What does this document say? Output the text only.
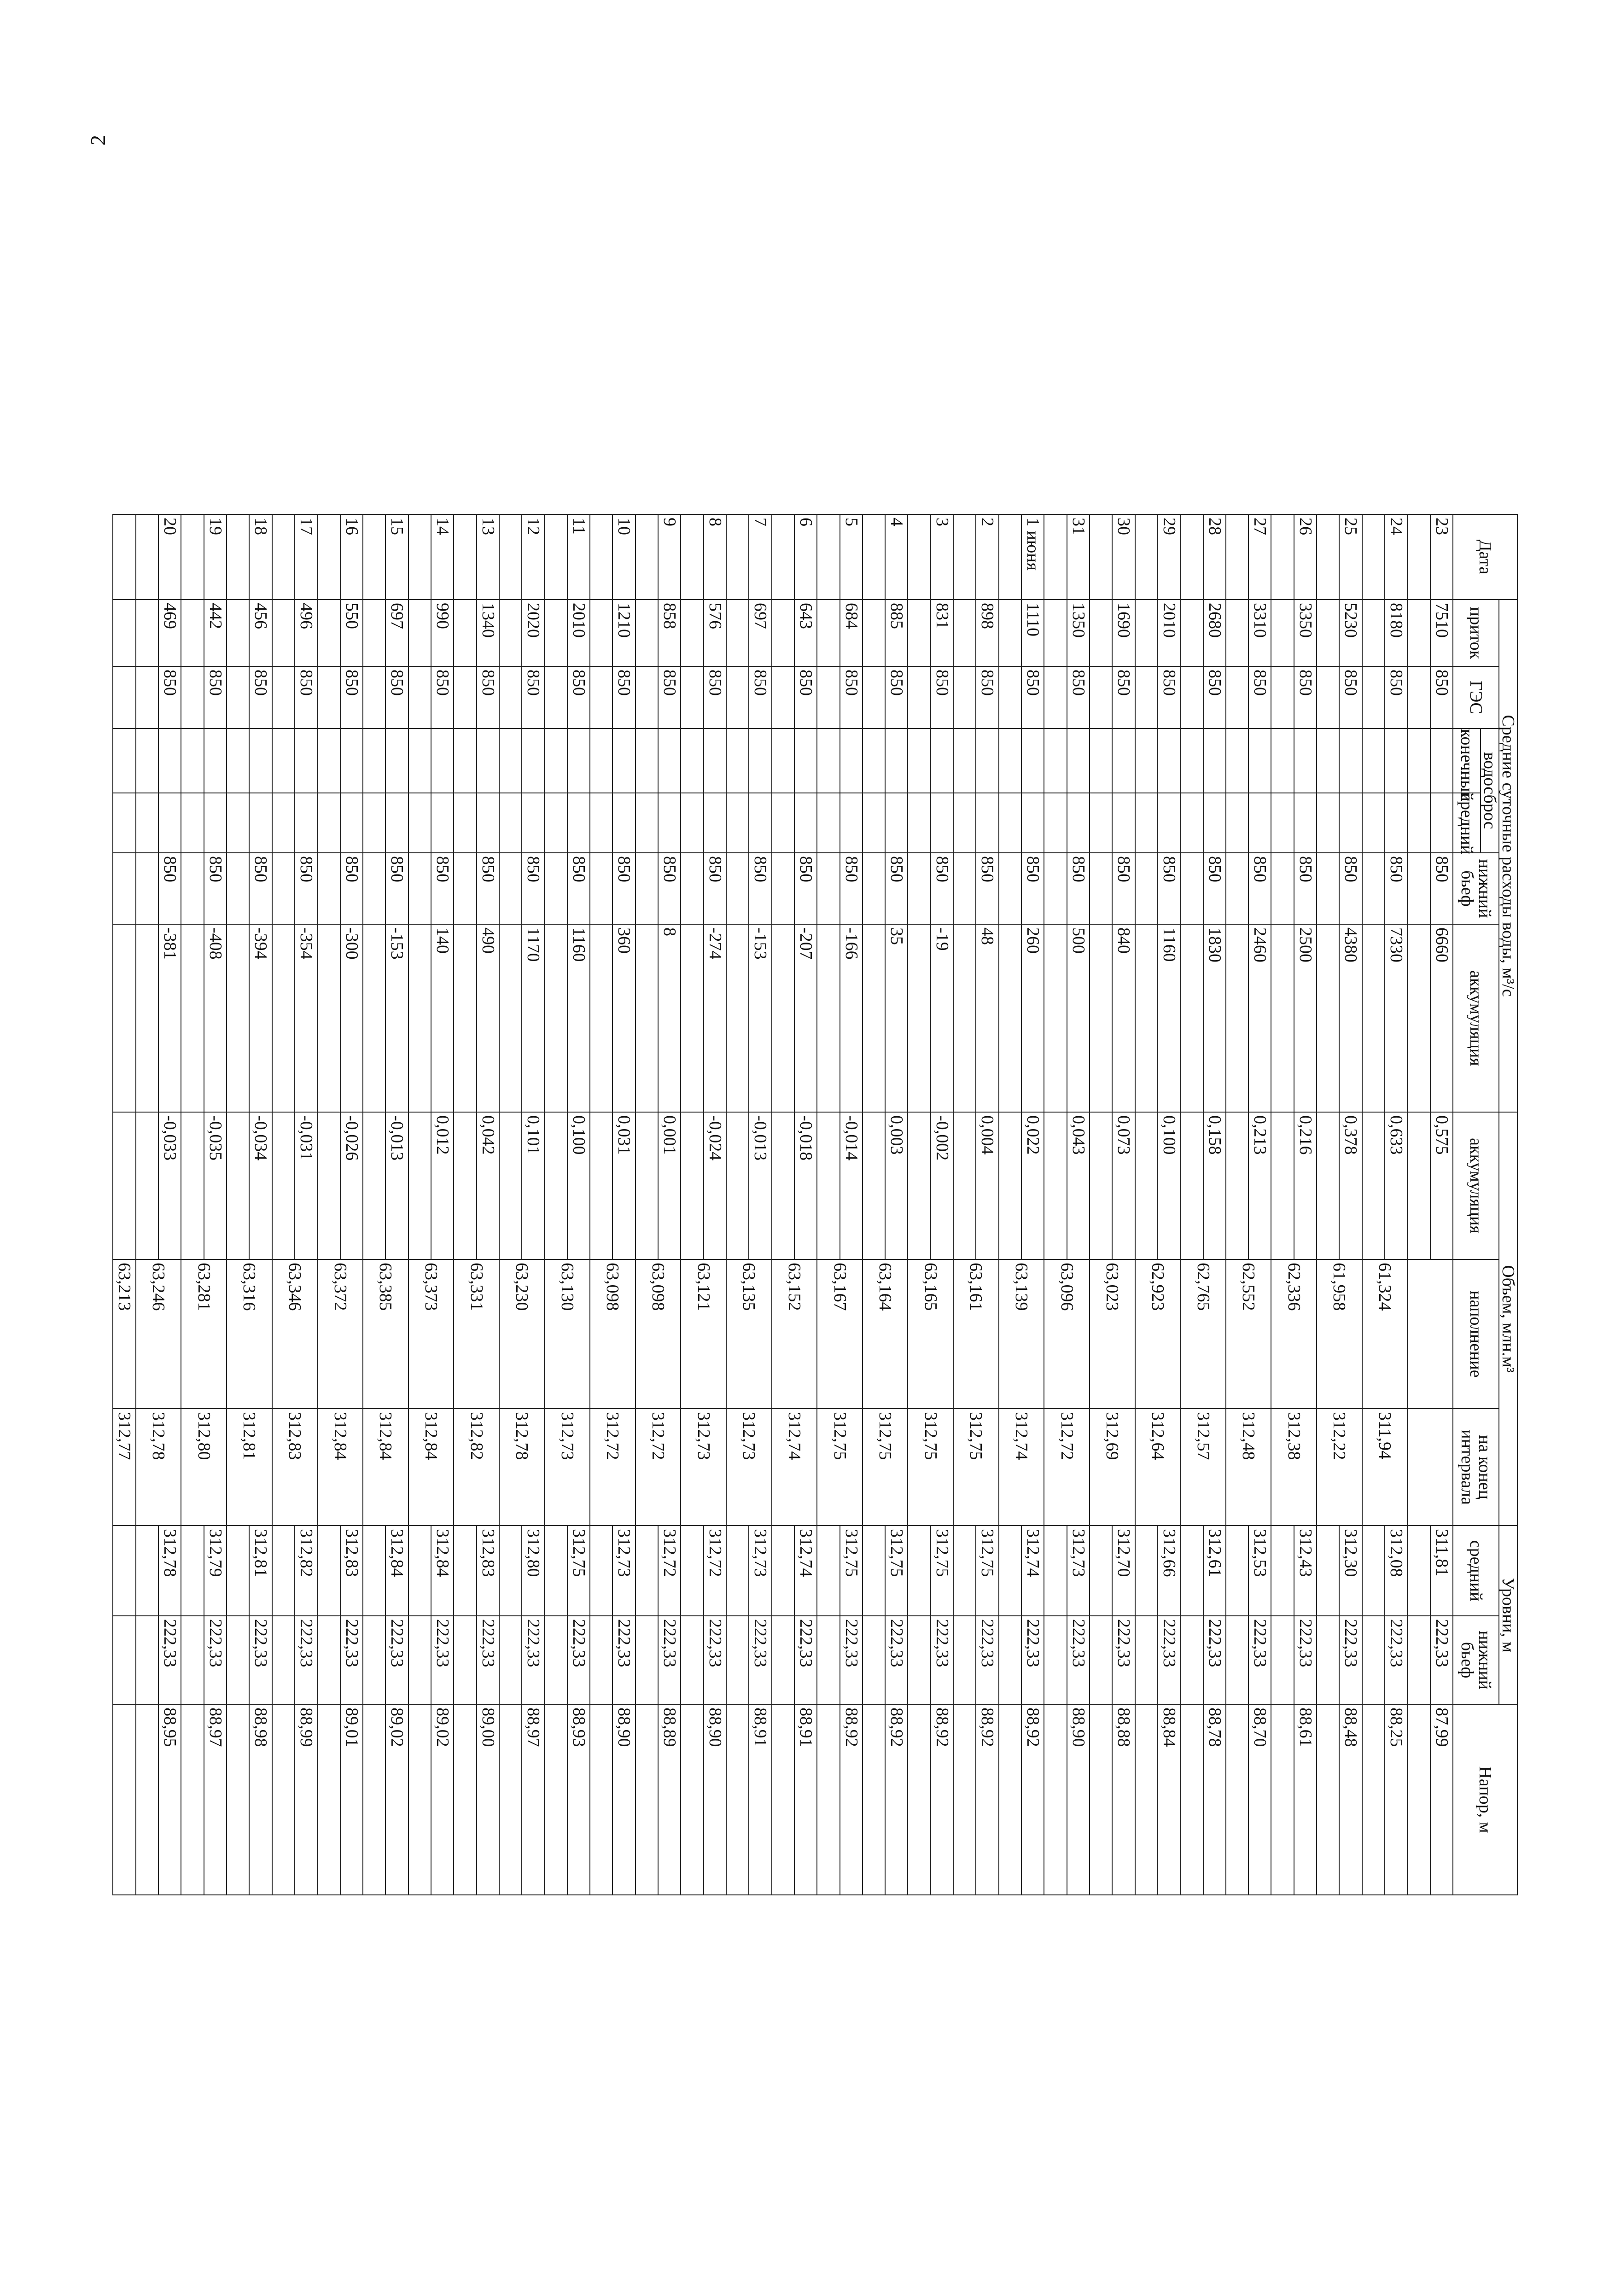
2
Дата	Средние суточные расходы воды, м³/с						Объем, млн.м³			Уровни, м		Напор, м
	приток	ГЭС	водосброс		нижний бьеф	аккумуляция	аккумуляция	наполнение	на конец интервала	средний	нижний бьеф	
			конечный	средний								

23	7510	850			850	6660	0,575			311,81	222,33	87,99

24	8180	850			850	7330	0,633	61,324	311,94	312,08	222,33	88,25

25	5230	850			850	4380	0,378	61,958	312,22	312,30	222,33	88,48

26	3350	850			850	2500	0,216	62,336	312,38	312,43	222,33	88,61

27	3310	850			850	2460	0,213	62,552	312,48	312,53	222,33	88,70

28	2680	850			850	1830	0,158	62,765	312,57	312,61	222,33	88,78

29	2010	850			850	1160	0,100	62,923	312,64	312,66	222,33	88,84

30	1690	850			850	840	0,073	63,023	312,69	312,70	222,33	88,88

31	1350	850			850	500	0,043	63,096	312,72	312,73	222,33	88,90

1 июня	1110	850			850	260	0,022	63,139	312,74	312,74	222,33	88,92

2	898	850			850	48	0,004	63,161	312,75	312,75	222,33	88,92

3	831	850			850	-19	-0,002	63,165	312,75	312,75	222,33	88,92

4	885	850			850	35	0,003	63,164	312,75	312,75	222,33	88,92

5	684	850			850	-166	-0,014	63,167	312,75	312,75	222,33	88,92

6	643	850			850	-207	-0,018	63,152	312,74	312,74	222,33	88,91

7	697	850			850	-153	-0,013	63,135	312,73	312,73	222,33	88,91

8	576	850			850	-274	-0,024	63,121	312,73	312,72	222,33	88,90

9	858	850			850	8	0,001	63,098	312,72	312,72	222,33	88,89

10	1210	850			850	360	0,031	63,098	312,72	312,73	222,33	88,90

11	2010	850			850	1160	0,100	63,130	312,73	312,75	222,33	88,93

12	2020	850			850	1170	0,101	63,230	312,78	312,80	222,33	88,97

13	1340	850			850	490	0,042	63,331	312,82	312,83	222,33	89,00

14	990	850			850	140	0,012	63,373	312,84	312,84	222,33	89,02

15	697	850			850	-153	-0,013	63,385	312,84	312,84	222,33	89,02

16	550	850			850	-300	-0,026	63,372	312,84	312,83	222,33	89,01

17	496	850			850	-354	-0,031	63,346	312,83	312,82	222,33	88,99

18	456	850			850	-394	-0,034	63,316	312,81	312,81	222,33	88,98

19	442	850			850	-408	-0,035	63,281	312,80	312,79	222,33	88,97

20	469	850			850	-381	-0,033	63,246	312,78	312,78	222,33	88,95

								63,213	312,77			
